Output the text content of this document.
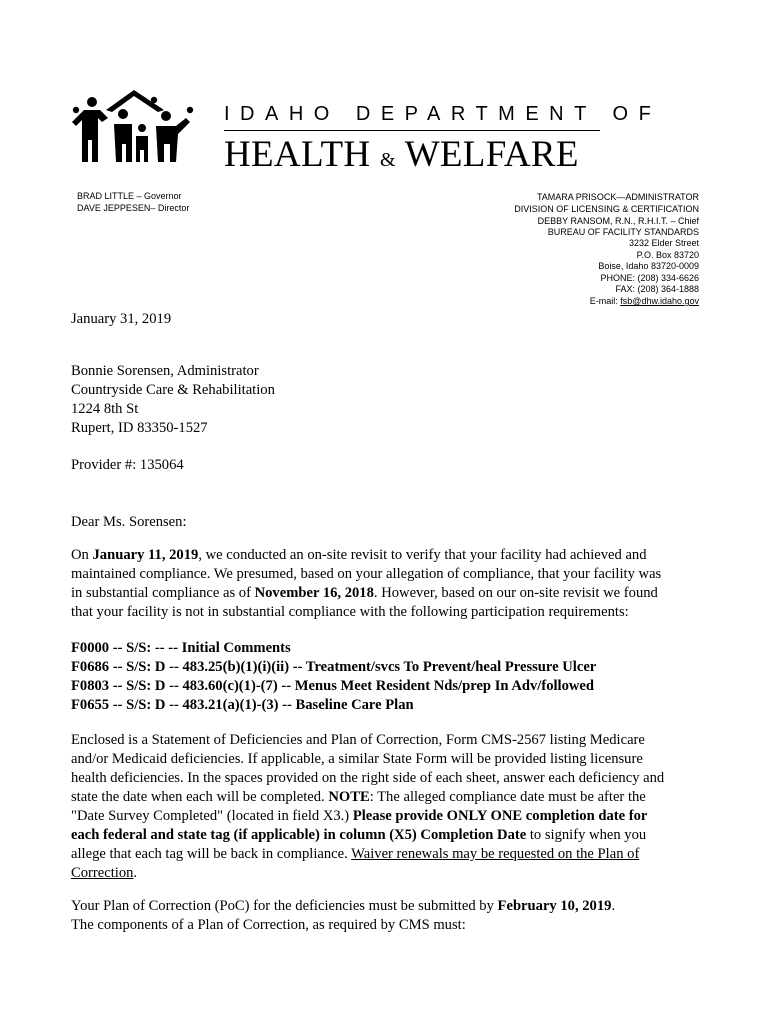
IDAHO DEPARTMENT OF
HEALTH & WELFARE
BRAD LITTLE – Governor
DAVE JEPPESEN– Director
TAMARA PRISOCK—ADMINISTRATOR
DIVISION OF LICENSING & CERTIFICATION
DEBBY RANSOM, R.N., R.H.I.T. – Chief
BUREAU OF FACILITY STANDARDS
3232 Elder Street
P.O. Box 83720
Boise, Idaho 83720-0009
PHONE: (208) 334-6626
FAX: (208) 364-1888
E-mail: fsb@dhw.idaho.gov
January 31, 2019

Bonnie Sorensen, Administrator

Countryside Care & Rehabilitation

1224 8th St

Rupert, ID 83350-1527

Provider #: 135064
Dear Ms. Sorensen:

On January 11, 2019, we conducted an on-site revisit to verify that your facility had achieved and

maintained compliance. We presumed, based on your allegation of compliance, that your facility was

in substantial compliance as of November 16, 2018. However, based on our on-site revisit we found

that your facility is not in substantial compliance with the following participation requirements:

F0000 -- S/S: -- -- Initial Comments

F0686 -- S/S: D -- 483.25(b)(1)(i)(ii) -- Treatment/svcs To Prevent/heal Pressure Ulcer

F0803 -- S/S: D -- 483.60(c)(1)-(7) -- Menus Meet Resident Nds/prep In Adv/followed

F0655 -- S/S: D -- 483.21(a)(1)-(3) -- Baseline Care Plan

Enclosed is a Statement of Deficiencies and Plan of Correction, Form CMS-2567 listing Medicare

and/or Medicaid deficiencies. If applicable, a similar State Form will be provided listing licensure

health deficiencies. In the spaces provided on the right side of each sheet, answer each deficiency and

state the date when each will be completed. NOTE: The alleged compliance date must be after the

"Date Survey Completed" (located in field X3.) Please provide ONLY ONE completion date for

each federal and state tag (if applicable) in column (X5) Completion Date to signify when you

allege that each tag will be back in compliance. Waiver renewals may be requested on the Plan of

Correction.

Your Plan of Correction (PoC) for the deficiencies must be submitted by February 10, 2019.

The components of a Plan of Correction, as required by CMS must:
